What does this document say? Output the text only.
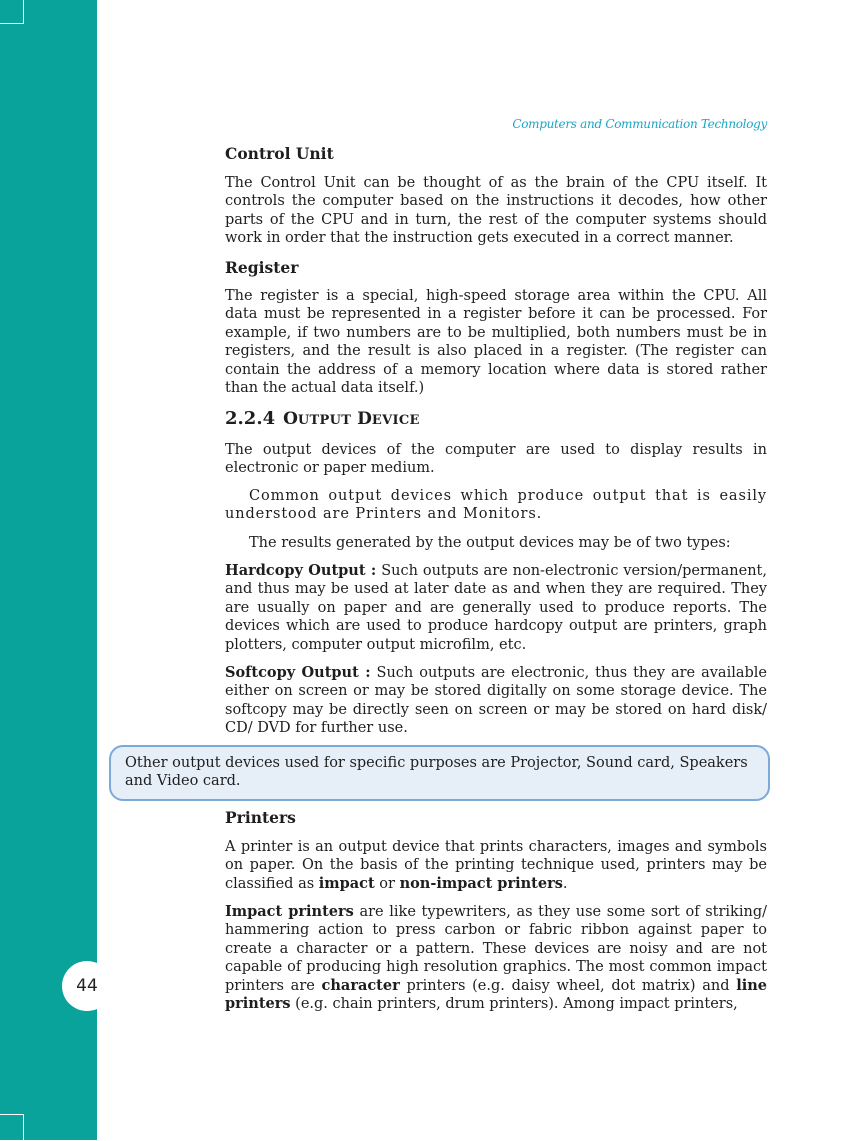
44
Computers and Communication Technology
Control Unit
The Control Unit can be thought of as the brain of the CPU itself. It controls the computer based on the instructions it decodes, how other parts of the CPU and in turn, the rest of the computer systems should work in order that the instruction gets executed in a correct manner.
Register
The register is a special, high-speed storage area within the CPU. All data must be represented in a register before it can be processed. For example, if two numbers are to be multiplied, both numbers must be in registers, and the result is also placed in a register. (The register can contain the address of a memory location where data is stored rather than the actual data itself.)
2.2.4 OUTPUT DEVICE
The output devices of the computer are used to display results in electronic or paper medium.
Common output devices which produce output that is easily understood are Printers and Monitors.
The results generated by the output devices may be of two types:
Hardcopy Output : Such outputs are non-electronic version/permanent, and thus may be used at later date as and when they are required. They are usually on paper and are generally used to produce reports. The devices which are used to produce hardcopy output are printers, graph plotters, computer output microfilm, etc.
Softcopy Output : Such outputs are electronic, thus they are available either on screen or may be stored digitally on some storage device. The softcopy may be directly seen on screen or may be stored on hard disk/ CD/ DVD for further use.
Other output devices used for specific purposes are Projector, Sound card, Speakers and Video card.
Printers
A printer is an output device that prints characters, images and symbols on paper. On the basis of the printing technique used, printers may be classified as impact or non-impact printers.
Impact printers are like typewriters, as they use some sort of striking/ hammering action to press carbon or fabric ribbon against paper to create a character or a pattern. These devices are noisy and are not capable of producing high resolution graphics. The most common impact printers are character printers (e.g. daisy wheel, dot matrix) and line printers (e.g. chain printers, drum printers). Among impact printers,
